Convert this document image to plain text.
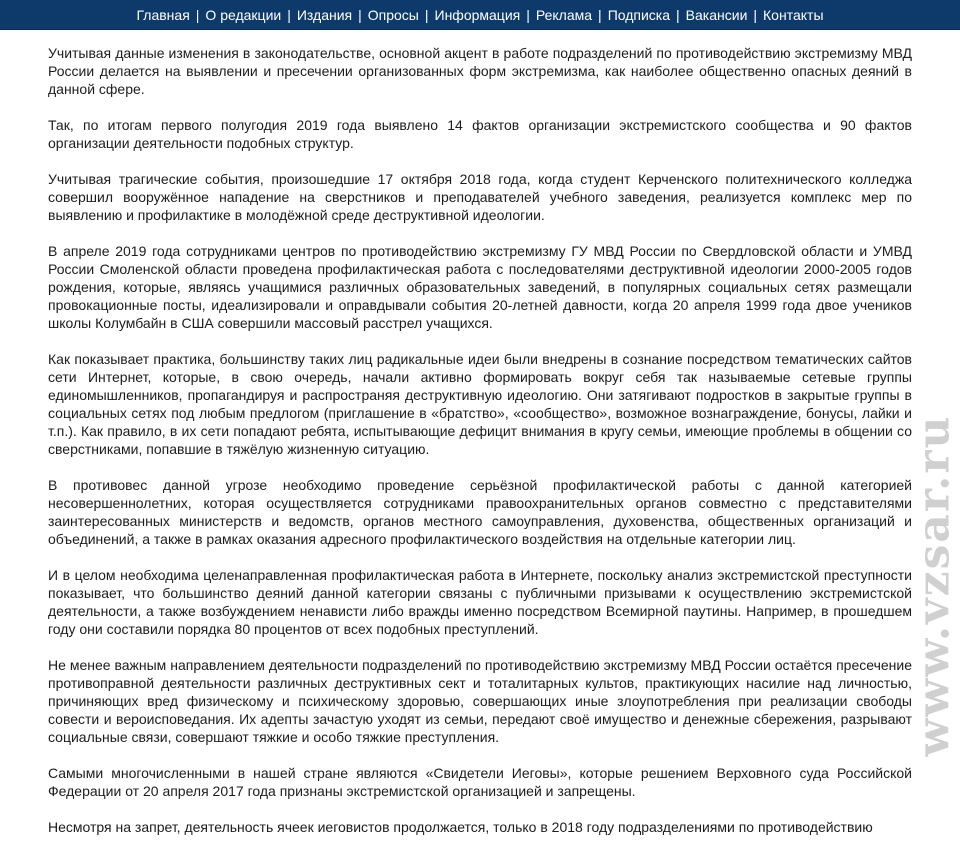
Главная | О редакции | Издания | Опросы | Информация | Реклама | Подписка | Вакансии | Контакты

Учитывая данные изменения в законодательстве, основной акцент в работе подразделений по противодействию экстремизму МВД России делается на выявлении и пресечении организованных форм экстремизма, как наиболее общественно опасных деяний в данной сфере.

Так, по итогам первого полугодия 2019 года выявлено 14 фактов организации экстремистского сообщества и 90 фактов организации деятельности подобных структур.

Учитывая трагические события, произошедшие 17 октября 2018 года, когда студент Керченского политехнического колледжа совершил вооружённое нападение на сверстников и преподавателей учебного заведения, реализуется комплекс мер по выявлению и профилактике в молодёжной среде деструктивной идеологии.

В апреле 2019 года сотрудниками центров по противодействию экстремизму ГУ МВД России по Свердловской области и УМВД России Смоленской области проведена профилактическая работа с последователями деструктивной идеологии 2000-2005 годов рождения, которые, являясь учащимися различных образовательных заведений, в популярных социальных сетях размещали провокационные посты, идеализировали и оправдывали события 20-летней давности, когда 20 апреля 1999 года двое учеников школы Колумбайн в США совершили массовый расстрел учащихся.

Как показывает практика, большинству таких лиц радикальные идеи были внедрены в сознание посредством тематических сайтов сети Интернет, которые, в свою очередь, начали активно формировать вокруг себя так называемые сетевые группы единомышленников, пропагандируя и распространяя деструктивную идеологию. Они затягивают подростков в закрытые группы в социальных сетях под любым предлогом (приглашение в «братство», «сообщество», возможное вознаграждение, бонусы, лайки и т.п.). Как правило, в их сети попадают ребята, испытывающие дефицит внимания в кругу семьи, имеющие проблемы в общении со сверстниками, попавшие в тяжёлую жизненную ситуацию.

В противовес данной угрозе необходимо проведение серьёзной профилактической работы с данной категорией несовершеннолетних, которая осуществляется сотрудниками правоохранительных органов совместно с представителями заинтересованных министерств и ведомств, органов местного самоуправления, духовенства, общественных организаций и объединений, а также в рамках оказания адресного профилактического воздействия на отдельные категории лиц.

И в целом необходима целенаправленная профилактическая работа в Интернете, поскольку анализ экстремистской преступности показывает, что большинство деяний данной категории связаны с публичными призывами к осуществлению экстремистской деятельности, а также возбуждением ненависти либо вражды именно посредством Всемирной паутины. Например, в прошедшем году они составили порядка 80 процентов от всех подобных преступлений.

Не менее важным направлением деятельности подразделений по противодействию экстремизму МВД России остаётся пресечение противоправной деятельности различных деструктивных сект и тоталитарных культов, практикующих насилие над личностью, причиняющих вред физическому и психическому здоровью, совершающих иные злоупотребления при реализации свободы совести и вероисповедания. Их адепты зачастую уходят из семьи, передают своё имущество и денежные сбережения, разрывают социальные связи, совершают тяжкие и особо тяжкие преступления.

Самыми многочисленными в нашей стране являются «Свидетели Иеговы», которые решением Верховного суда Российской Федерации от 20 апреля 2017 года признаны экстремистской организацией и запрещены.

Несмотря на запрет, деятельность ячеек иеговистов продолжается, только в 2018 году подразделениями по противодействию

www.vzsar.ru
